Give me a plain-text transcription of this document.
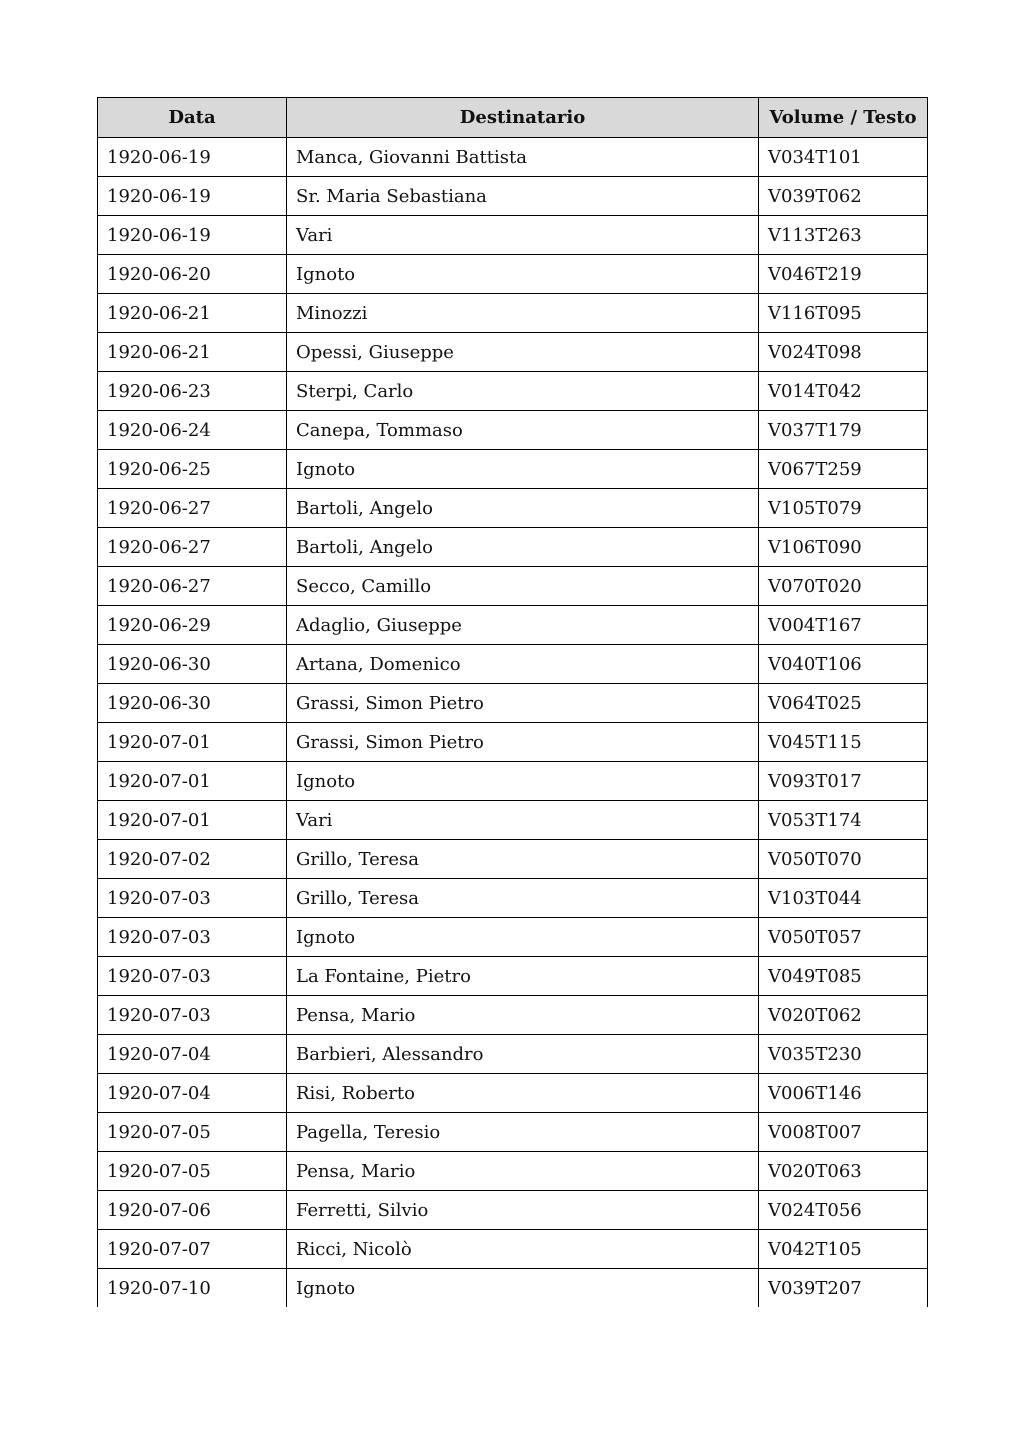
Data	Destinatario	Volume / Testo
1920-06-19	Manca, Giovanni Battista	V034T101
1920-06-19	Sr. Maria Sebastiana	V039T062
1920-06-19	Vari	V113T263
1920-06-20	Ignoto	V046T219
1920-06-21	Minozzi	V116T095
1920-06-21	Opessi, Giuseppe	V024T098
1920-06-23	Sterpi, Carlo	V014T042
1920-06-24	Canepa, Tommaso	V037T179
1920-06-25	Ignoto	V067T259
1920-06-27	Bartoli, Angelo	V105T079
1920-06-27	Bartoli, Angelo	V106T090
1920-06-27	Secco, Camillo	V070T020
1920-06-29	Adaglio, Giuseppe	V004T167
1920-06-30	Artana, Domenico	V040T106
1920-06-30	Grassi, Simon Pietro	V064T025
1920-07-01	Grassi, Simon Pietro	V045T115
1920-07-01	Ignoto	V093T017
1920-07-01	Vari	V053T174
1920-07-02	Grillo, Teresa	V050T070
1920-07-03	Grillo, Teresa	V103T044
1920-07-03	Ignoto	V050T057
1920-07-03	La Fontaine, Pietro	V049T085
1920-07-03	Pensa, Mario	V020T062
1920-07-04	Barbieri, Alessandro	V035T230
1920-07-04	Risi, Roberto	V006T146
1920-07-05	Pagella, Teresio	V008T007
1920-07-05	Pensa, Mario	V020T063
1920-07-06	Ferretti, Silvio	V024T056
1920-07-07	Ricci, Nicolò	V042T105
1920-07-10	Ignoto	V039T207
